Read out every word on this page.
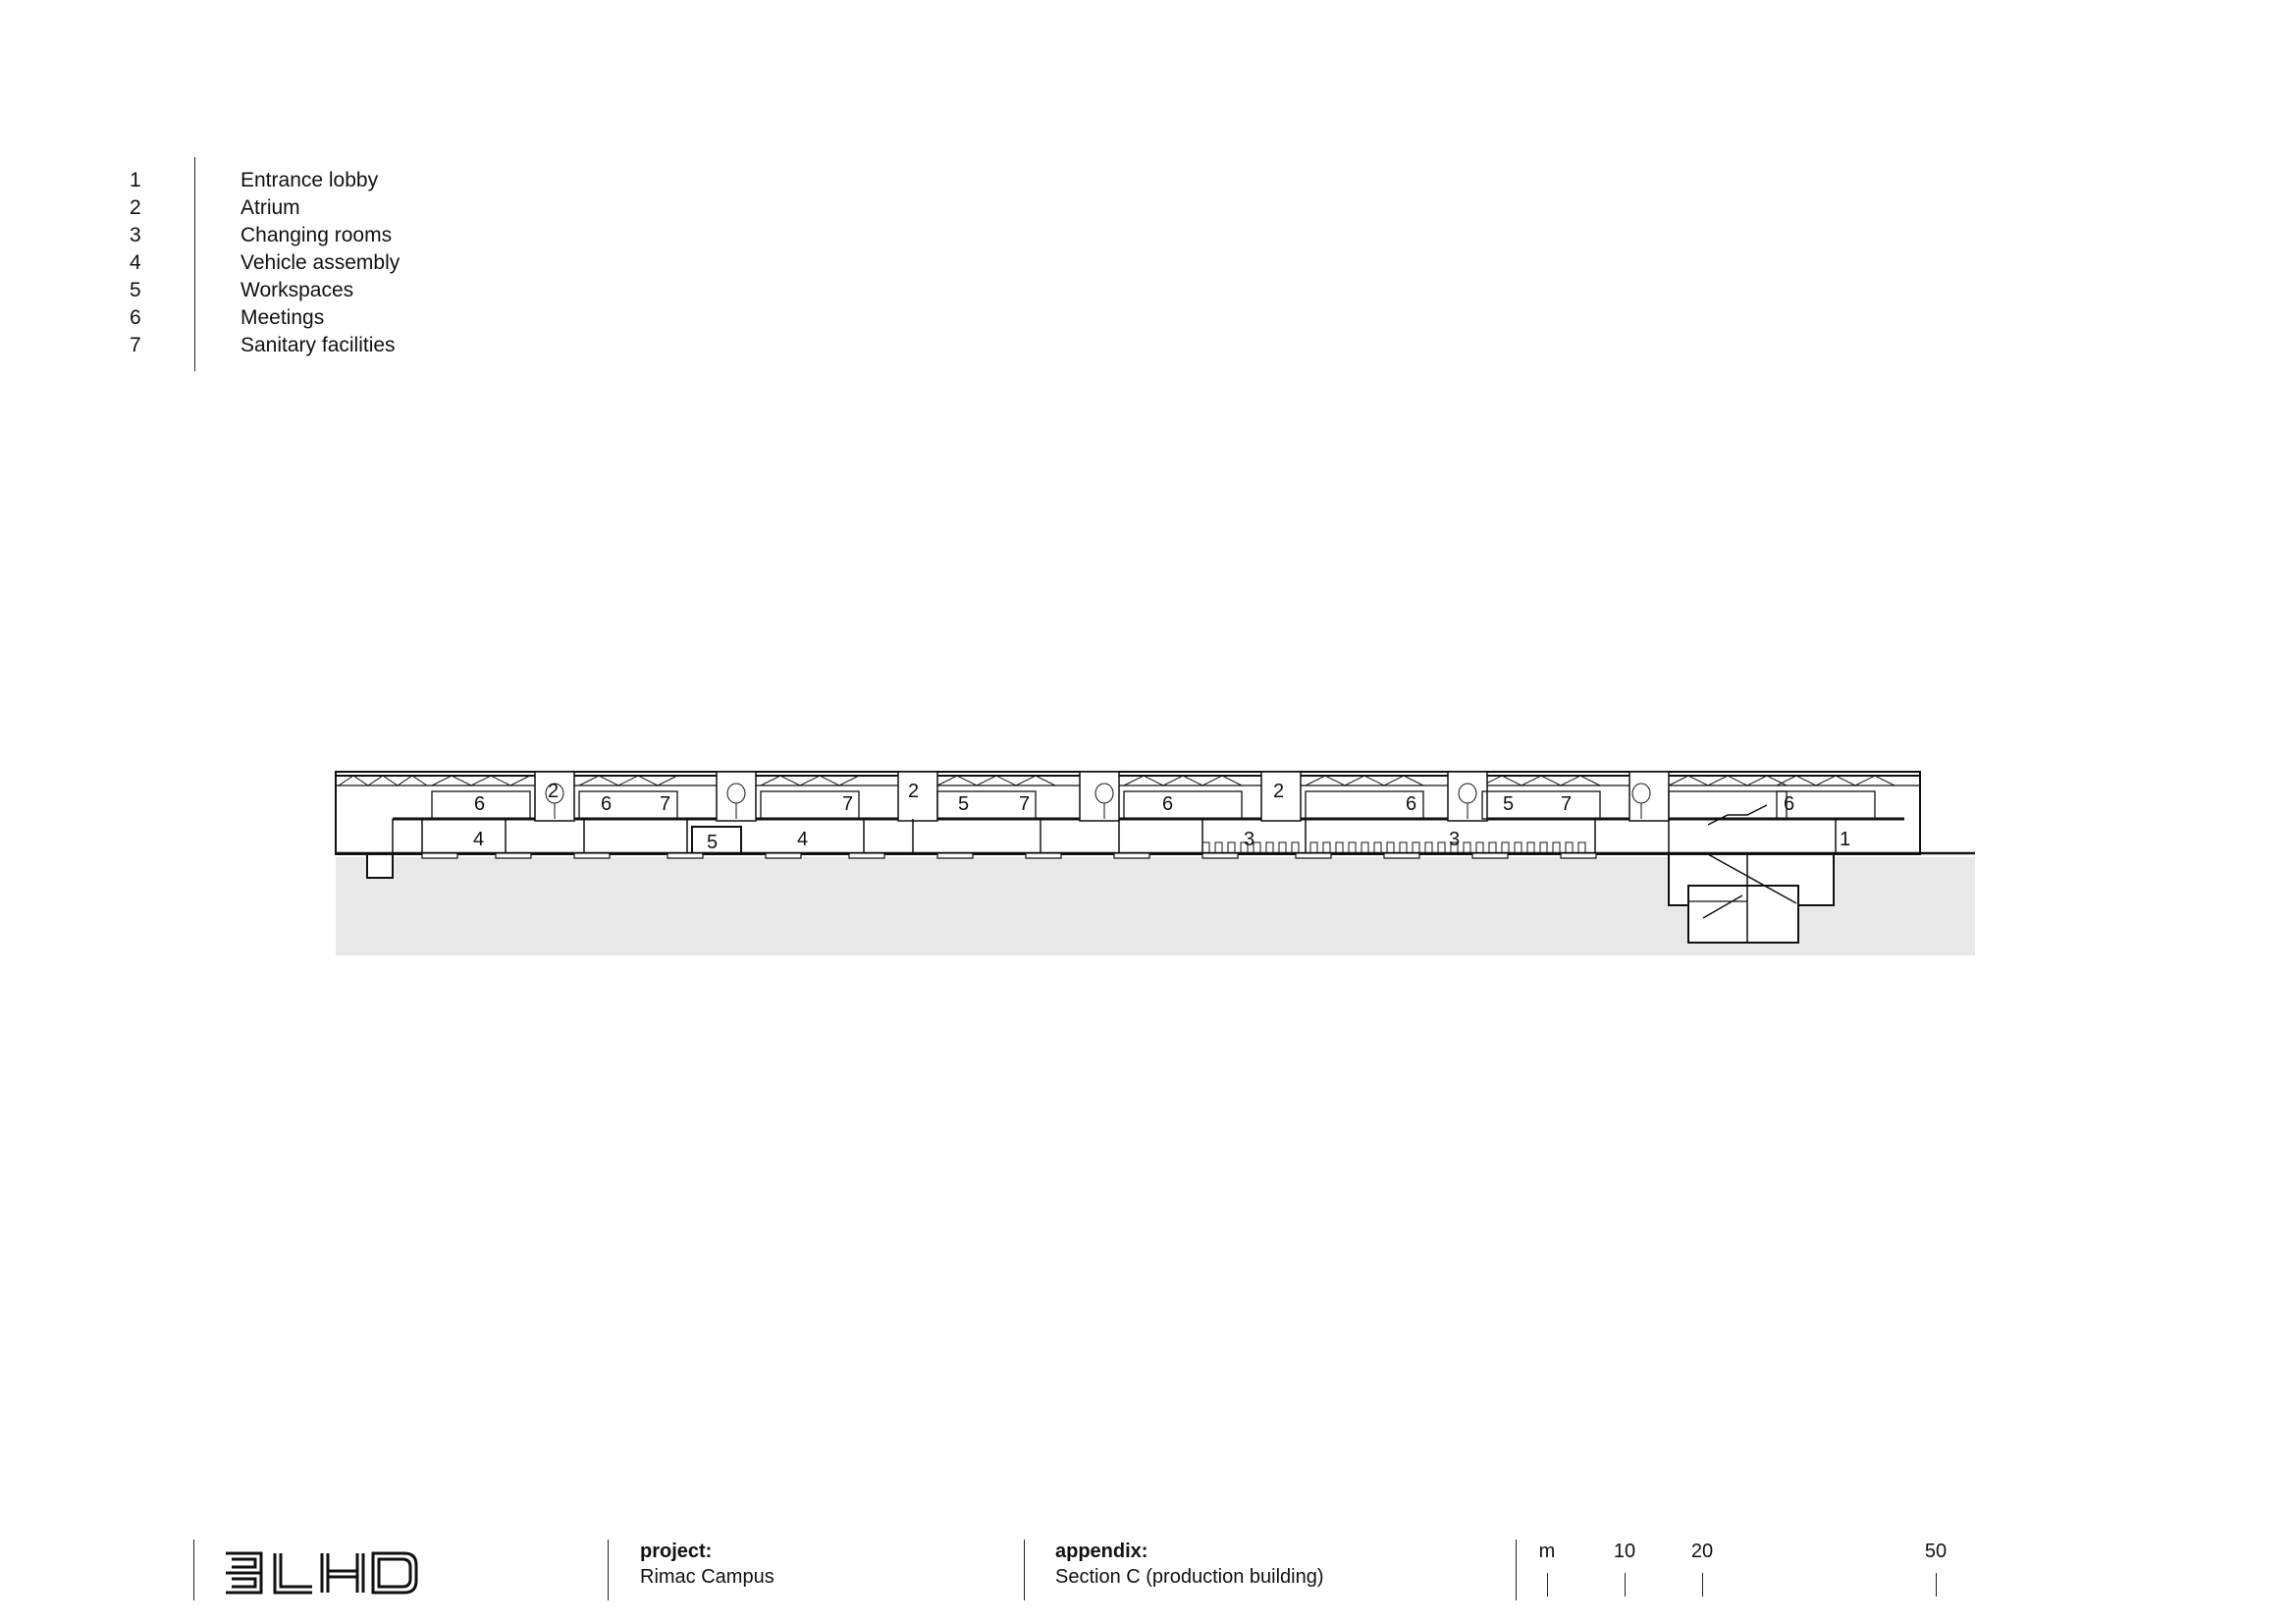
1	Entrance lobby
2	Atrium
3	Changing rooms
4	Vehicle assembly
5	Workspaces
6	Meetings
7	Sanitary facilities
6
2
6 7	7
2
5	7	6
2
6	5 7	6
4	5	4	3	3	1
project:
Rimac Campus
appendix:
Section C (production building)
m	10	20	50
